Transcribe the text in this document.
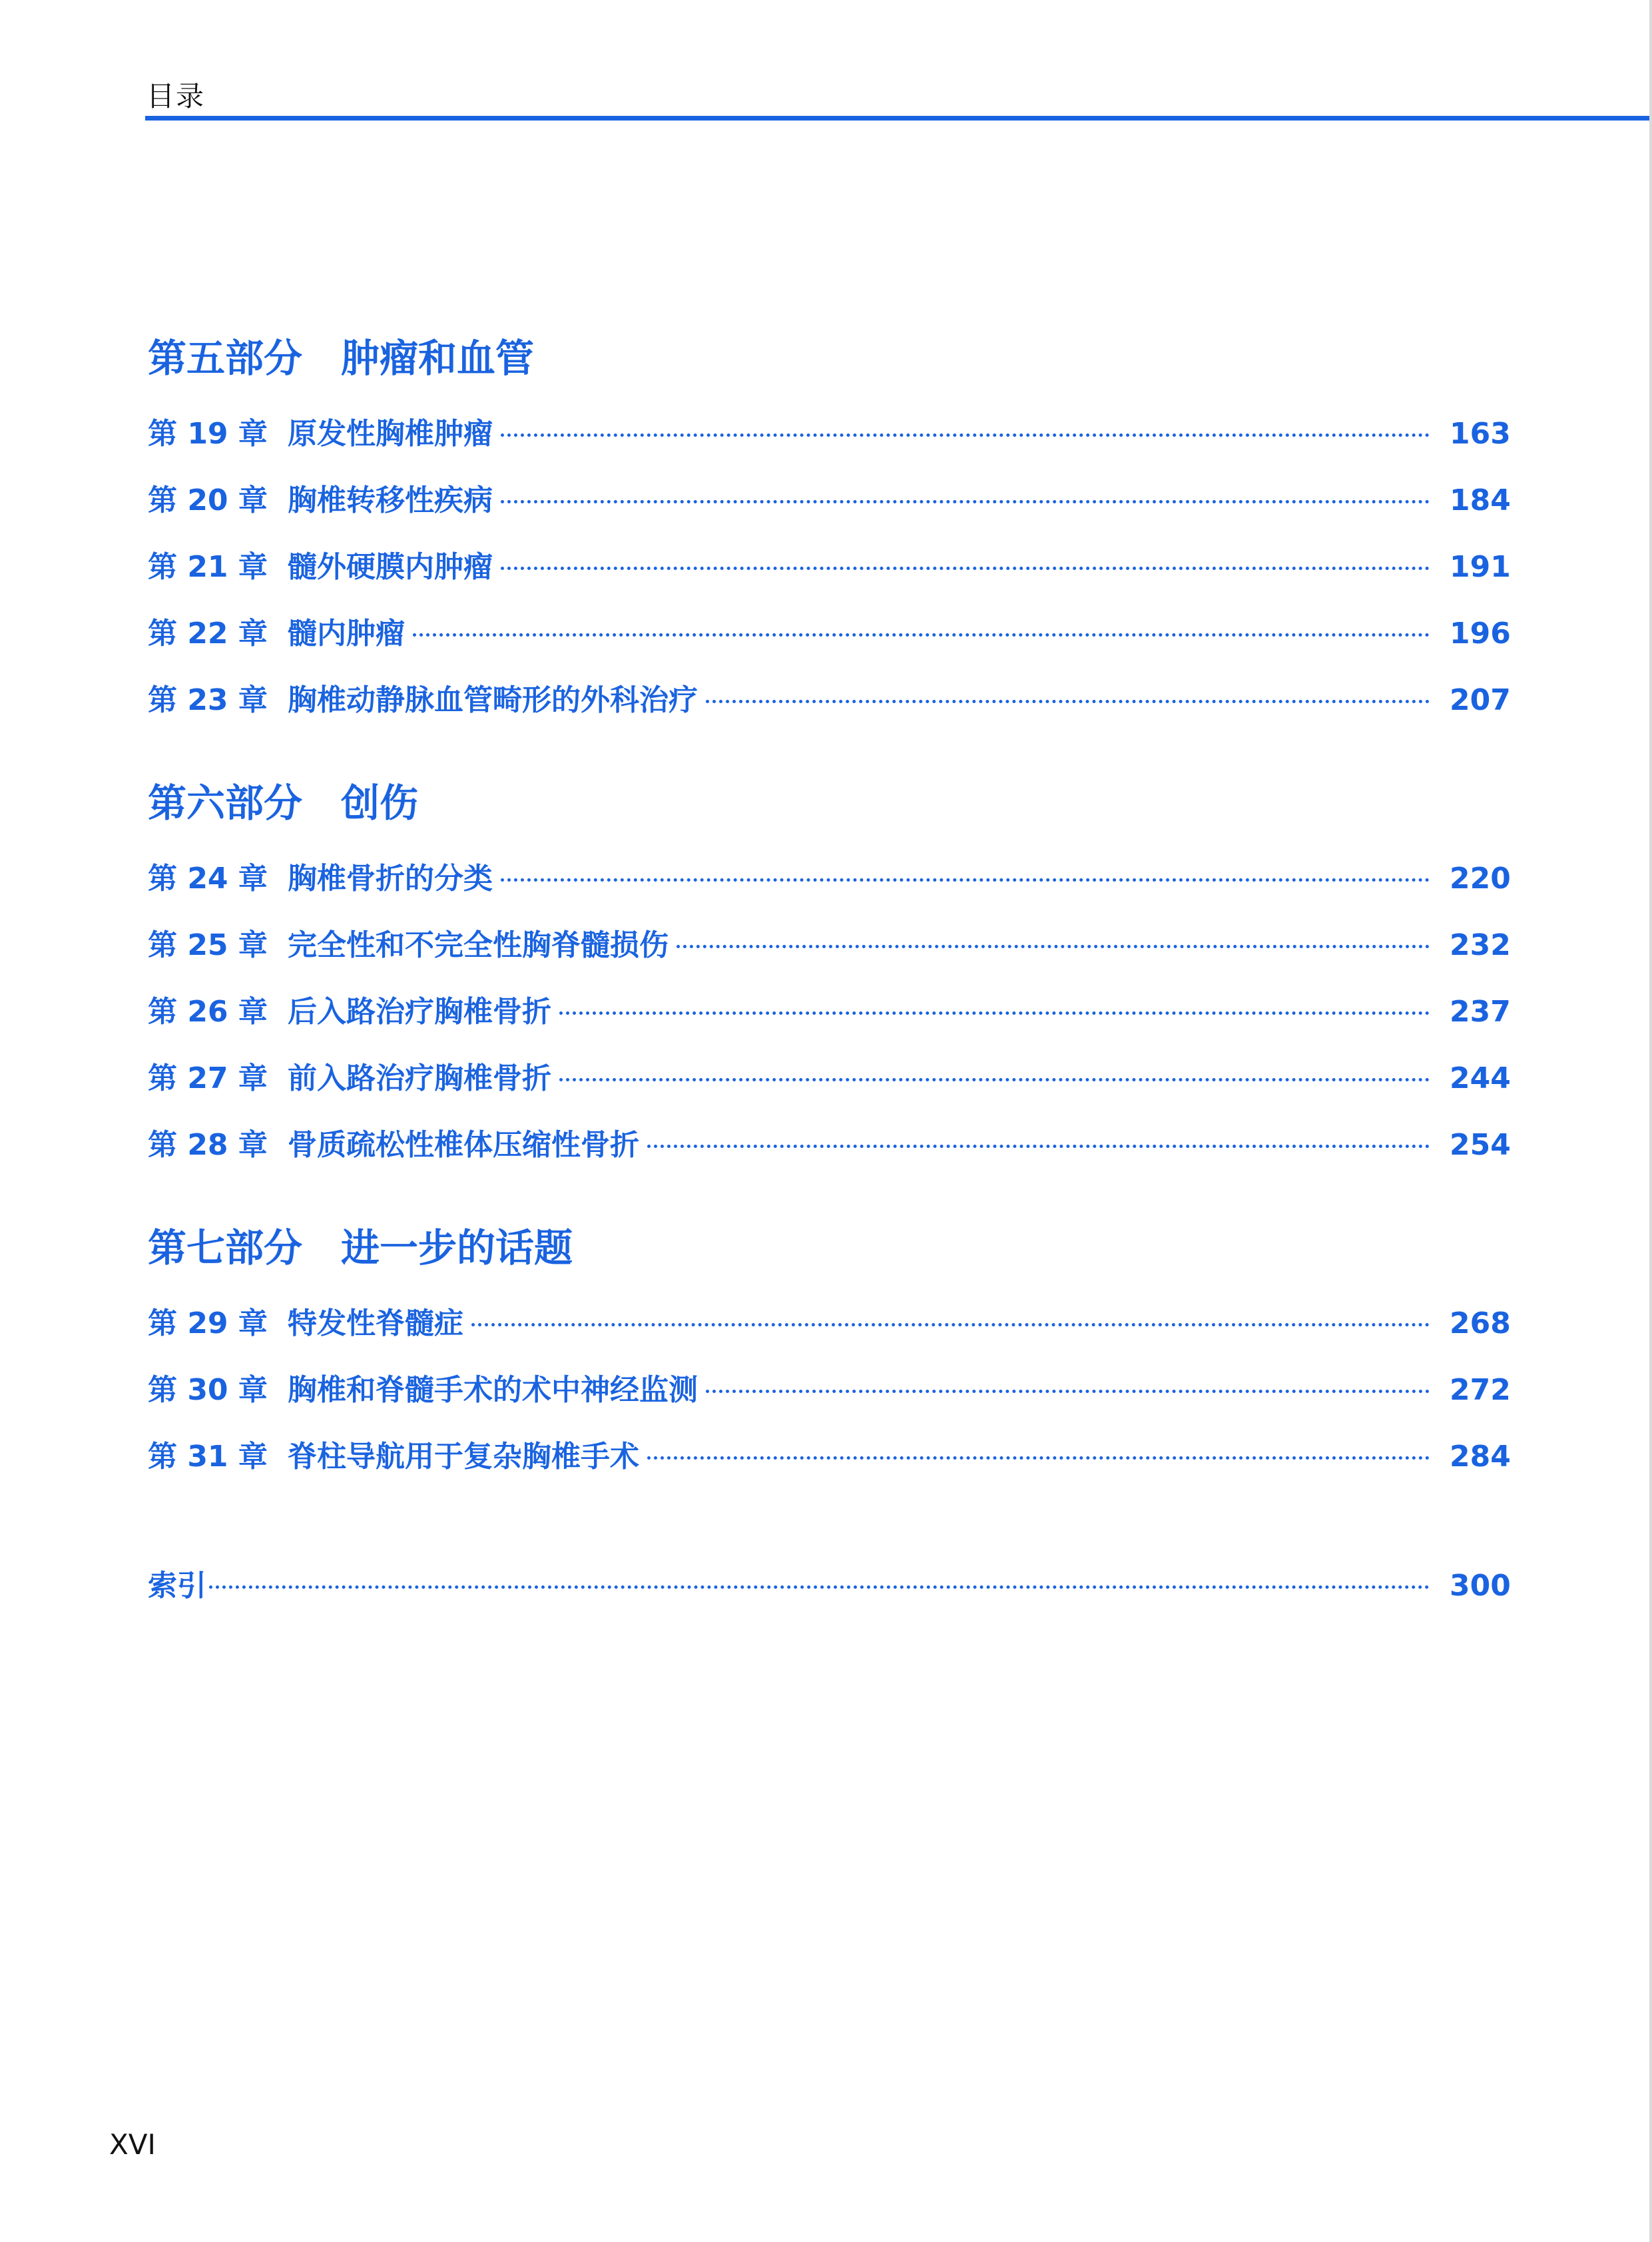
目录
第五部分 肿瘤和血管
第 19 章 原发性胸椎肿瘤	163
第 20 章 胸椎转移性疾病	184
第 21 章 髓外硬膜内肿瘤	191
第 22 章 髓内肿瘤	196
第 23 章 胸椎动静脉血管畸形的外科治疗	207
第六部分 创伤
第 24 章 胸椎骨折的分类	220
第 25 章 完全性和不完全性胸脊髓损伤	232
第 26 章 后入路治疗胸椎骨折	237
第 27 章 前入路治疗胸椎骨折	244
第 28 章 骨质疏松性椎体压缩性骨折	254
第七部分 进一步的话题
第 29 章 特发性脊髓症	268
第 30 章 胸椎和脊髓手术的术中神经监测	272
第 31 章 脊柱导航用于复杂胸椎手术	284
索引	300
XVI
